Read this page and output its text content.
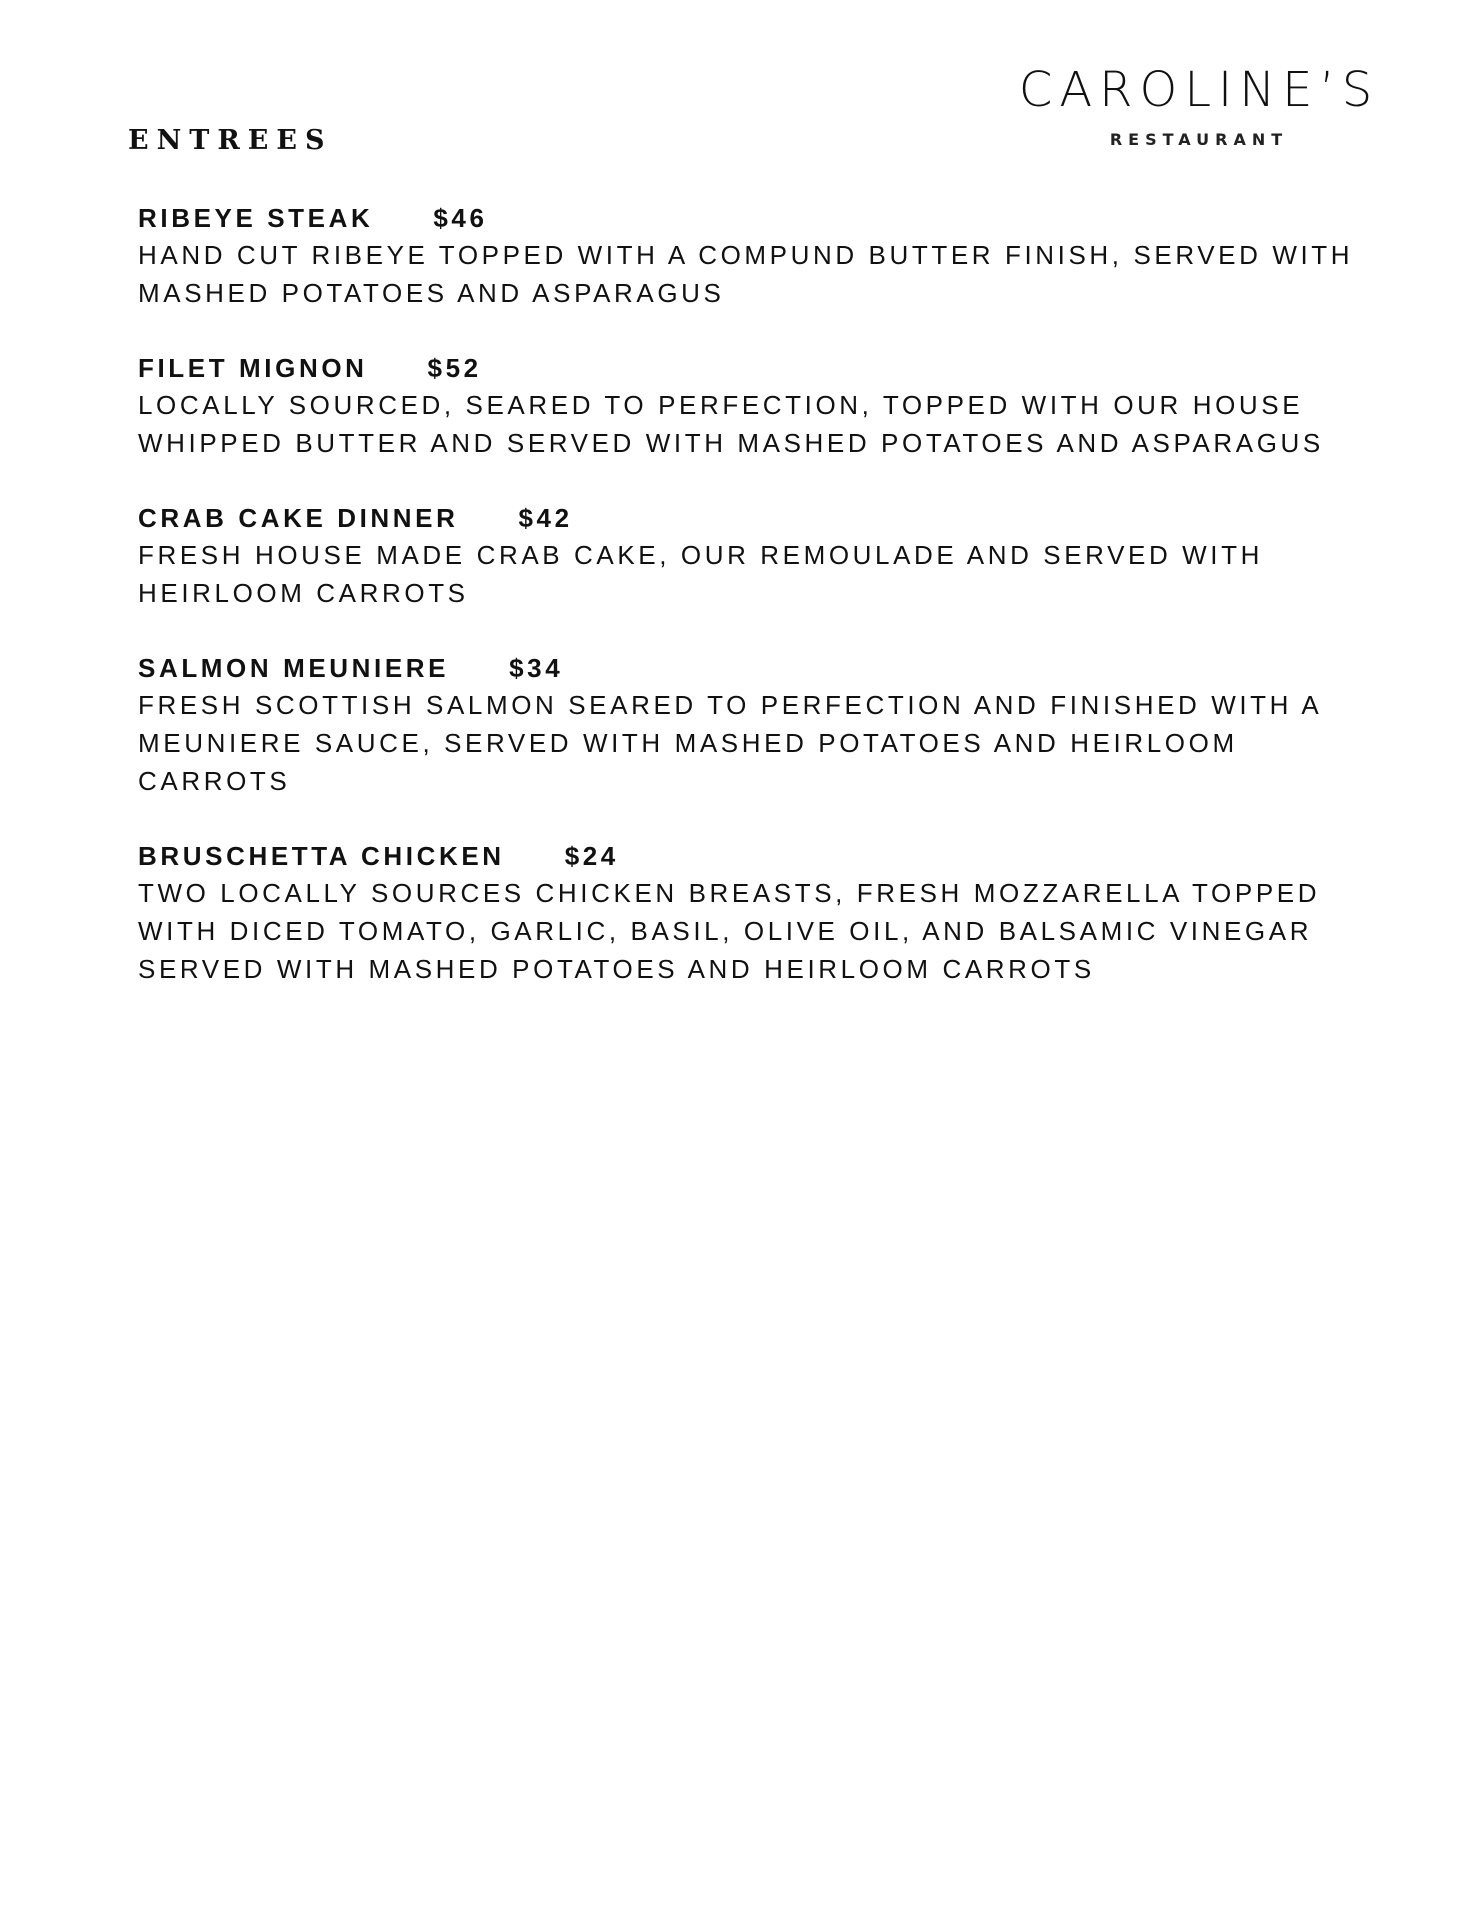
CAROLINE’S
RESTAURANT
ENTREES
RIBEYE STEAK $46
HAND CUT RIBEYE TOPPED WITH A COMPUND BUTTER FINISH, SERVED WITH MASHED POTATOES AND ASPARAGUS
FILET MIGNON $52
LOCALLY SOURCED, SEARED TO PERFECTION, TOPPED WITH OUR HOUSE WHIPPED BUTTER AND SERVED WITH MASHED POTATOES AND ASPARAGUS
CRAB CAKE DINNER $42
FRESH HOUSE MADE CRAB CAKE, OUR REMOULADE AND SERVED WITH HEIRLOOM CARROTS
SALMON MEUNIERE $34
FRESH SCOTTISH SALMON SEARED TO PERFECTION AND FINISHED WITH A MEUNIERE SAUCE, SERVED WITH MASHED POTATOES AND HEIRLOOM CARROTS
BRUSCHETTA CHICKEN $24
TWO LOCALLY SOURCES CHICKEN BREASTS, FRESH MOZZARELLA TOPPED WITH DICED TOMATO, GARLIC, BASIL, OLIVE OIL, AND BALSAMIC VINEGAR SERVED WITH MASHED POTATOES AND HEIRLOOM CARROTS
